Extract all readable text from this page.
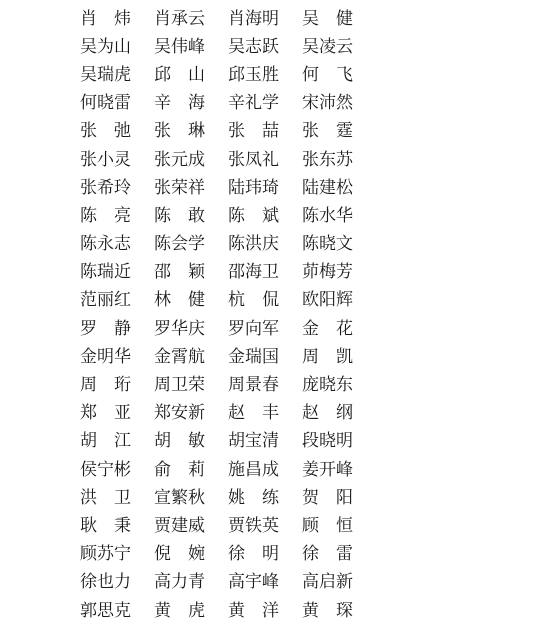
肖　炜	肖承云	肖海明	吴　健
吴为山	吴伟峰	吴志跃	吴凌云
吴瑞虎	邱　山	邱玉胜	何　飞
何晓雷	辛　海	辛礼学	宋沛然
张　弛	张　琳	张　喆	张　霆
张小灵	张元成	张凤礼	张东苏
张希玲	张荣祥	陆玮琦	陆建松
陈　亮	陈　敢	陈　斌	陈水华
陈永志	陈会学	陈洪庆	陈晓文
陈瑞近	邵　颖	邵海卫	茆梅芳
范丽红	林　健	杭　侃	欧阳辉
罗　静	罗华庆	罗向军	金　花
金明华	金霄航	金瑞国	周　凯
周　珩	周卫荣	周景春	庞晓东
郑　亚	郑安新	赵　丰	赵　纲
胡　江	胡　敏	胡宝清	段晓明
侯宁彬	俞　莉	施昌成	姜开峰
洪　卫	宣繁秋	姚　练	贺　阳
耿　秉	贾建威	贾铁英	顾　恒
顾苏宁	倪　婉	徐　明	徐　雷
徐也力	高力青	高宇峰	高启新
郭思克	黄　虎	黄　洋	黄　琛
